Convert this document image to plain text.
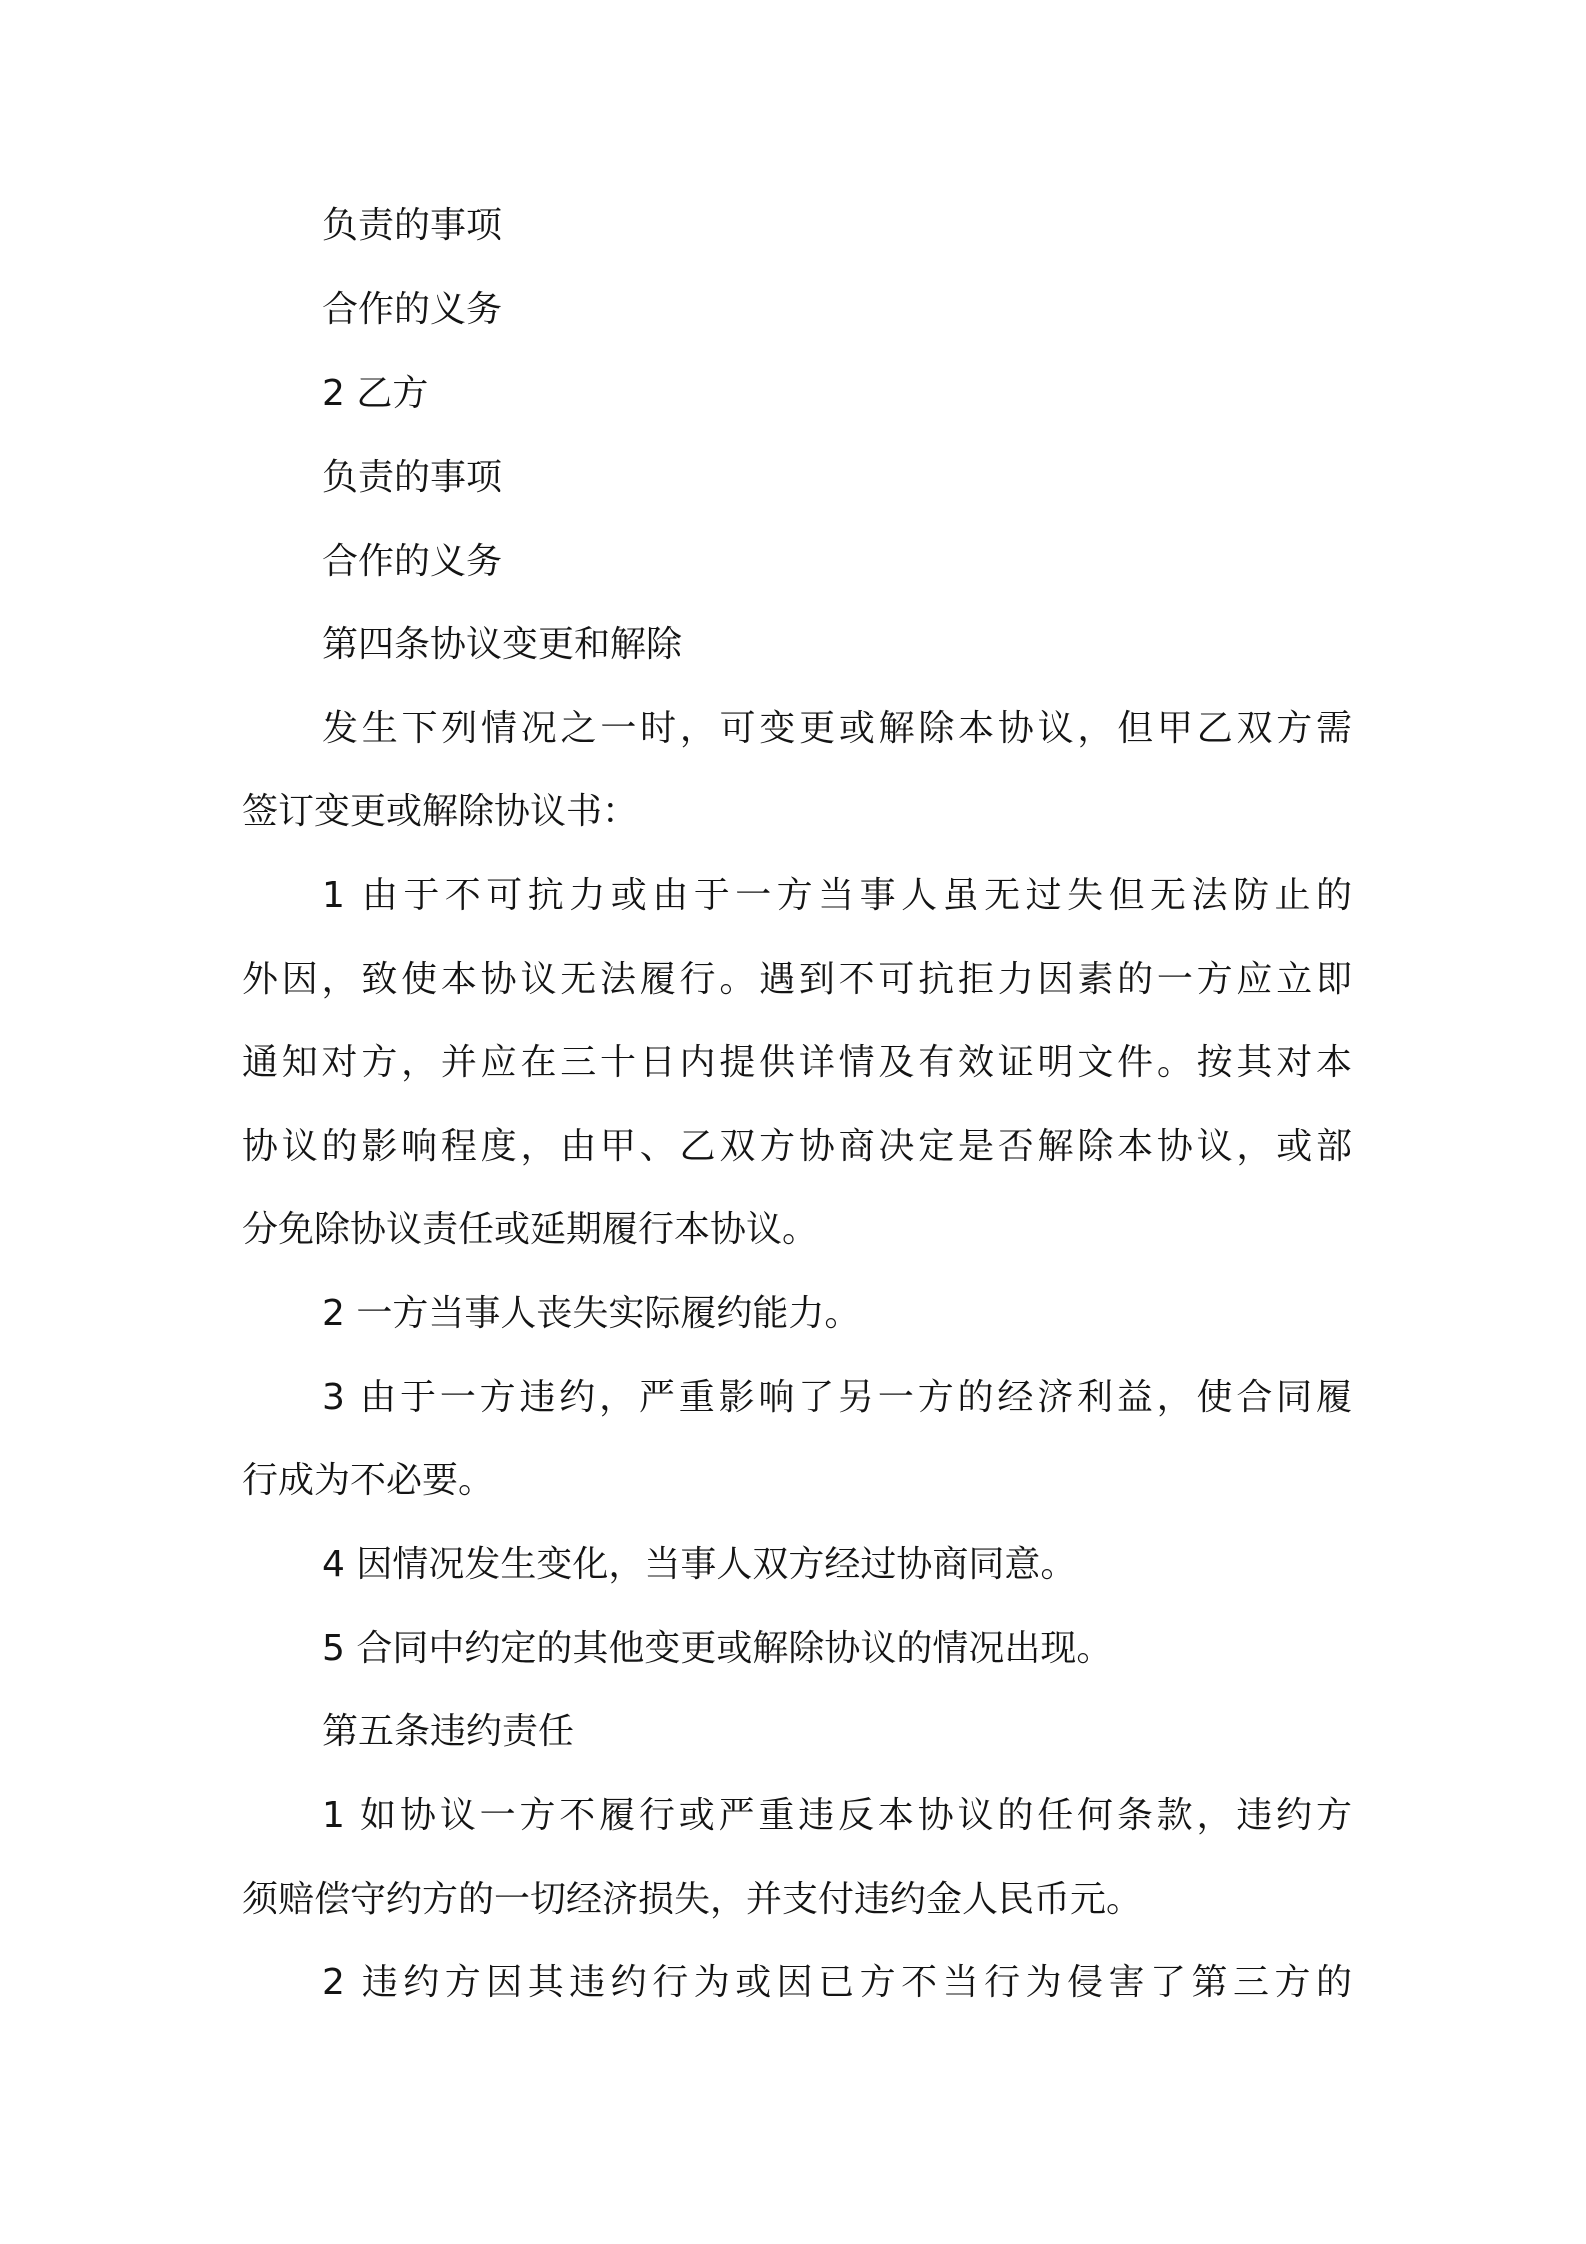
负责的事项
合作的义务
2 乙方
负责的事项
合作的义务
第四条协议变更和解除
发生下列情况之一时，可变更或解除本协议，但甲乙双方需
签订变更或解除协议书：
1 由于不可抗力或由于一方当事人虽无过失但无法防止的
外因，致使本协议无法履行。遇到不可抗拒力因素的一方应立即
通知对方，并应在三十日内提供详情及有效证明文件。按其对本
协议的影响程度，由甲、乙双方协商决定是否解除本协议，或部
分免除协议责任或延期履行本协议。
2 一方当事人丧失实际履约能力。
3 由于一方违约，严重影响了另一方的经济利益，使合同履
行成为不必要。
4 因情况发生变化，当事人双方经过协商同意。
5 合同中约定的其他变更或解除协议的情况出现。
第五条违约责任
1 如协议一方不履行或严重违反本协议的任何条款，违约方
须赔偿守约方的一切经济损失，并支付违约金人民币元。
2 违约方因其违约行为或因已方不当行为侵害了第三方的
